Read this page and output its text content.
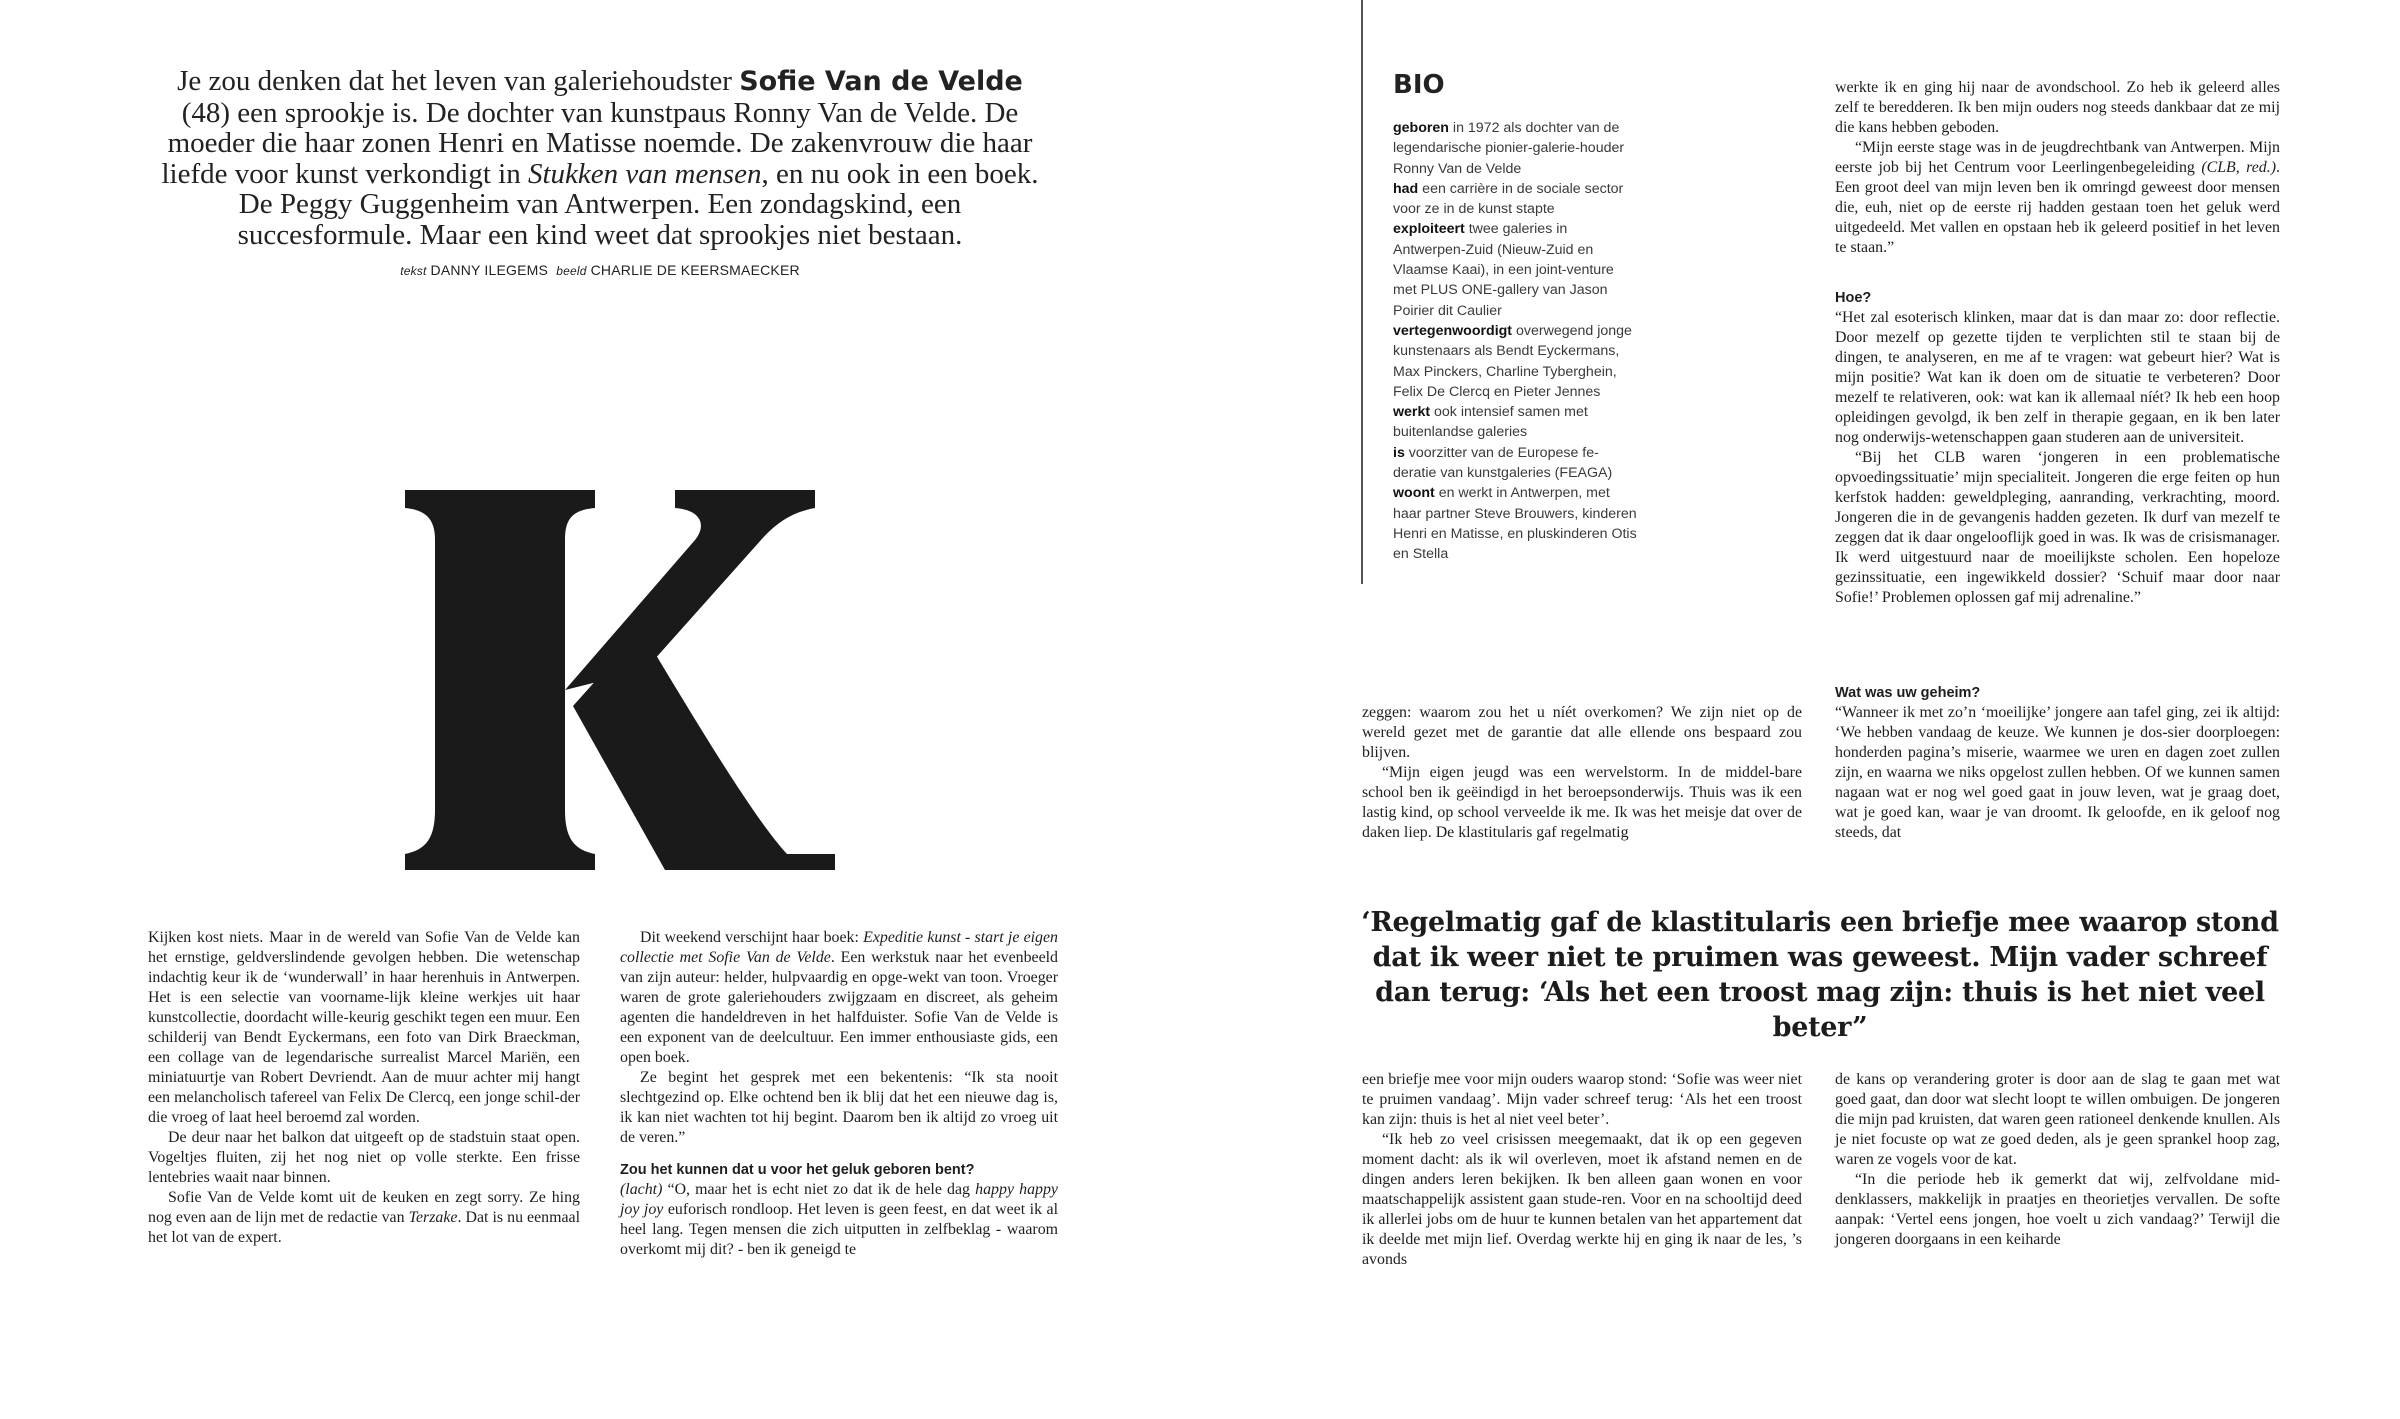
Je zou denken dat het leven van galeriehoudster Sofie Van de Velde (48) een sprookje is. De dochter van kunstpaus Ronny Van de Velde. De moeder die haar zonen Henri en Matisse noemde. De zakenvrouw die haar liefde voor kunst verkondigt in Stukken van mensen, en nu ook in een boek. De Peggy Guggenheim van Antwerpen. Een zondagskind, een succesformule. Maar een kind weet dat sprookjes niet bestaan.
tekst DANNY ILEGEMS beeld CHARLIE DE KEERSMAECKER

Kijken kost niets. Maar in de wereld van Sofie Van de Velde kan het ernstige, geldverslindende gevolgen hebben. Die wetenschap indachtig keur ik de ‘wunderwall’ in haar herenhuis in Antwerpen. Het is een selectie van voorname-lijk kleine werkjes uit haar kunstcollectie, doordacht wille-keurig geschikt tegen een muur. Een schilderij van Bendt Eyckermans, een foto van Dirk Braeckman, een collage van de legendarische surrealist Marcel Mariën, een miniatuurtje van Robert Devriendt. Aan de muur achter mij hangt een melancholisch tafereel van Felix De Clercq, een jonge schil-der die vroeg of laat heel beroemd zal worden.

De deur naar het balkon dat uitgeeft op de stadstuin staat open. Vogeltjes fluiten, zij het nog niet op volle sterkte. Een frisse lentebries waait naar binnen.

Sofie Van de Velde komt uit de keuken en zegt sorry. Ze hing nog even aan de lijn met de redactie van Terzake. Dat is nu eenmaal het lot van de expert.

Dit weekend verschijnt haar boek: Expeditie kunst - start je eigen collectie met Sofie Van de Velde. Een werkstuk naar het evenbeeld van zijn auteur: helder, hulpvaardig en opge-wekt van toon. Vroeger waren de grote galeriehouders zwijgzaam en discreet, als geheim agenten die handeldreven in het halfduister. Sofie Van de Velde is een exponent van de deelcultuur. Een immer enthousiaste gids, een open boek.

Ze begint het gesprek met een bekentenis: “Ik sta nooit slechtgezind op. Elke ochtend ben ik blij dat het een nieuwe dag is, ik kan niet wachten tot hij begint. Daarom ben ik altijd zo vroeg uit de veren.”

Zou het kunnen dat u voor het geluk geboren bent?

(lacht) “O, maar het is echt niet zo dat ik de hele dag happy happy joy joy euforisch rondloop. Het leven is geen feest, en dat weet ik al heel lang. Tegen mensen die zich uitputten in zelfbeklag - waarom overkomt mij dit? - ben ik geneigd te

BIO
geboren in 1972 als dochter van de legendarische pionier-galerie-houder Ronny Van de Velde
had een carrière in de sociale sector voor ze in de kunst stapte
exploiteert twee galeries in Antwerpen-Zuid (Nieuw-Zuid en Vlaamse Kaai), in een joint-venture met PLUS ONE-gallery van Jason Poirier dit Caulier
vertegenwoordigt overwegend jonge kunstenaars als Bendt Eyckermans, Max Pinckers, Charline Tyberghein, Felix De Clercq en Pieter Jennes
werkt ook intensief samen met buitenlandse galeries
is voorzitter van de Europese fe-deratie van kunstgaleries (FEAGA)
woont en werkt in Antwerpen, met haar partner Steve Brouwers, kinderen Henri en Matisse, en pluskinderen Otis en Stella

werkte ik en ging hij naar de avondschool. Zo heb ik geleerd alles zelf te beredderen. Ik ben mijn ouders nog steeds dankbaar dat ze mij die kans hebben geboden.

“Mijn eerste stage was in de jeugdrechtbank van Antwerpen. Mijn eerste job bij het Centrum voor Leerlingenbegeleiding (CLB, red.). Een groot deel van mijn leven ben ik omringd geweest door mensen die, euh, niet op de eerste rij hadden gestaan toen het geluk werd uitgedeeld. Met vallen en opstaan heb ik geleerd positief in het leven te staan.”

Hoe?

“Het zal esoterisch klinken, maar dat is dan maar zo: door reflectie. Door mezelf op gezette tijden te verplichten stil te staan bij de dingen, te analyseren, en me af te vragen: wat gebeurt hier? Wat is mijn positie? Wat kan ik doen om de situatie te verbeteren? Door mezelf te relativeren, ook: wat kan ik allemaal níét? Ik heb een hoop opleidingen gevolgd, ik ben zelf in therapie gegaan, en ik ben later nog onderwijs-wetenschappen gaan studeren aan de universiteit.

“Bij het CLB waren ‘jongeren in een problematische opvoedingssituatie’ mijn specialiteit. Jongeren die erge feiten op hun kerfstok hadden: geweldpleging, aanranding, verkrachting, moord. Jongeren die in de gevangenis hadden gezeten. Ik durf van mezelf te zeggen dat ik daar ongelooflijk goed in was. Ik was de crisismanager. Ik werd uitgestuurd naar de moeilijkste scholen. Een hopeloze gezinssituatie, een ingewikkeld dossier? ‘Schuif maar door naar Sofie!’ Problemen oplossen gaf mij adrenaline.”

zeggen: waarom zou het u níét overkomen? We zijn niet op de wereld gezet met de garantie dat alle ellende ons bespaard zou blijven.

“Mijn eigen jeugd was een wervelstorm. In de middel-bare school ben ik geëindigd in het beroepsonderwijs. Thuis was ik een lastig kind, op school verveelde ik me. Ik was het meisje dat over de daken liep. De klastitularis gaf regelmatig

Wat was uw geheim?

“Wanneer ik met zo’n ‘moeilijke’ jongere aan tafel ging, zei ik altijd: ‘We hebben vandaag de keuze. We kunnen je dos-sier doorploegen: honderden pagina’s miserie, waarmee we uren en dagen zoet zullen zijn, en waarna we niks opgelost zullen hebben. Of we kunnen samen nagaan wat er nog wel goed gaat in jouw leven, wat je graag doet, wat je goed kan, waar je van droomt. Ik geloofde, en ik geloof nog steeds, dat

‘Regelmatig gaf de klastitularis een briefje mee waarop stond dat ik weer niet te pruimen was geweest. Mijn vader schreef dan terug: ‘Als het een troost mag zijn: thuis is het niet veel beter”

een briefje mee voor mijn ouders waarop stond: ‘Sofie was weer niet te pruimen vandaag’. Mijn vader schreef terug: ‘Als het een troost kan zijn: thuis is het al niet veel beter’.

“Ik heb zo veel crisissen meegemaakt, dat ik op een gegeven moment dacht: als ik wil overleven, moet ik afstand nemen en de dingen anders leren bekijken. Ik ben alleen gaan wonen en voor maatschappelijk assistent gaan stude-ren. Voor en na schooltijd deed ik allerlei jobs om de huur te kunnen betalen van het appartement dat ik deelde met mijn lief. Overdag werkte hij en ging ik naar de les, ’s avonds

de kans op verandering groter is door aan de slag te gaan met wat goed gaat, dan door wat slecht loopt te willen ombuigen. De jongeren die mijn pad kruisten, dat waren geen rationeel denkende knullen. Als je niet focuste op wat ze goed deden, als je geen sprankel hoop zag, waren ze vogels voor de kat.

“In die periode heb ik gemerkt dat wij, zelfvoldane mid-denklassers, makkelijk in praatjes en theorietjes vervallen. De softe aanpak: ‘Vertel eens jongen, hoe voelt u zich vandaag?’ Terwijl die jongeren doorgaans in een keiharde
